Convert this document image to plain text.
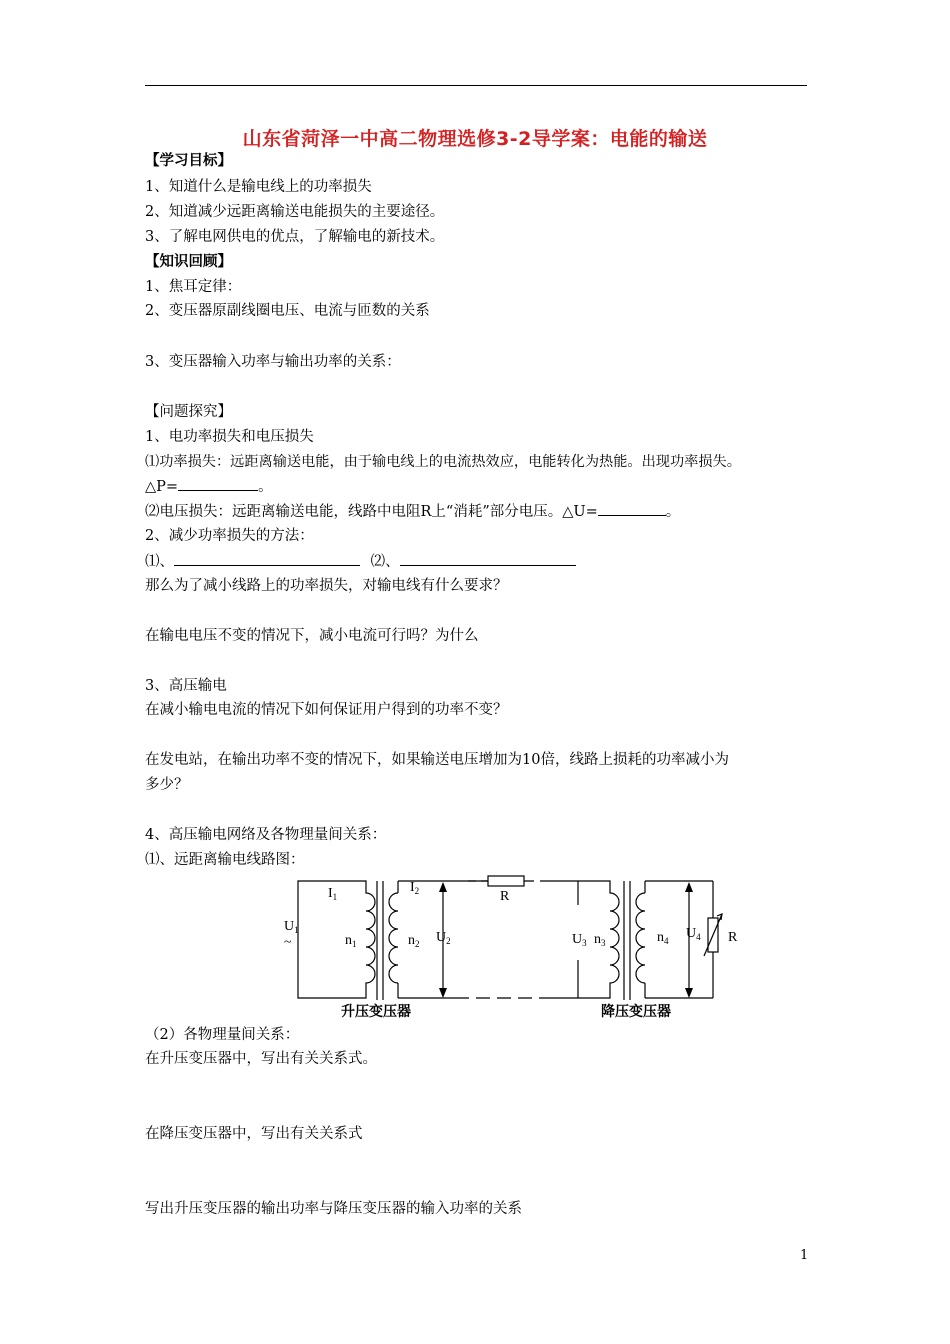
山东省菏泽一中高二物理选修3-2导学案：电能的输送
【学习目标】
1、知道什么是输电线上的功率损失
2、知道减少远距离输送电能损失的主要途径。
3、了解电网供电的优点，了解输电的新技术。
【知识回顾】
1、焦耳定律：
2、变压器原副线圈电压、电流与匝数的关系
3、变压器输入功率与输出功率的关系：
【问题探究】
1、电功率损失和电压损失
⑴功率损失：远距离输送电能，由于输电线上的电流热效应，电能转化为热能。出现功率损失。
△P=	。
⑵电压损失：远距离输送电能，线路中电阻R上“消耗”部分电压。△U=	。
2、减少功率损失的方法：
⑴、	⑵、
那么为了减小线路上的功率损失，对输电线有什么要求？
在输电电压不变的情况下，减小电流可行吗？为什么
3、高压输电
在减小输电电流的情况下如何保证用户得到的功率不变？
在发电站，在输出功率不变的情况下，如果输送电压增加为10倍，线路上损耗的功率减小为
多少？
4、高压输电网络及各物理量间关系：
⑴、远距离输电线路图：
$I_1$
$I_2$
$U_1$
~	$n_1$	$n_2$ $U_2$
R
$U_3$ $n_3$	$n_4$ $U_4$ R
升压变压器	降压变压器
（2）各物理量间关系：
在升压变压器中，写出有关关系式。
在降压变压器中，写出有关关系式
写出升压变压器的输出功率与降压变压器的输入功率的关系
1
